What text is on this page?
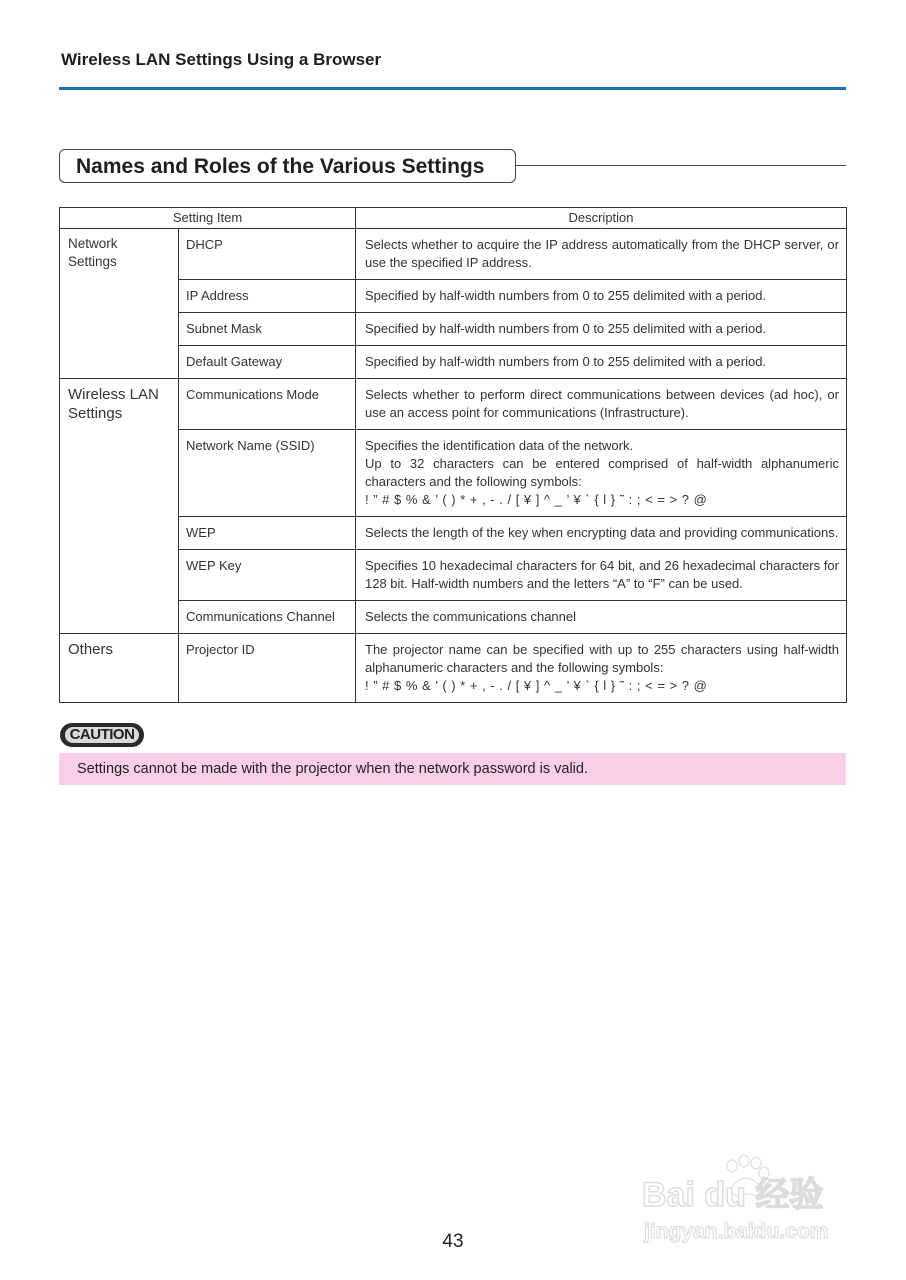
Wireless LAN Settings Using a Browser
Names and Roles of the Various Settings
Setting Item		Description
Network Settings	DHCP	Selects whether to acquire the IP address automatically from the DHCP server, or use the specified IP address.
	IP Address	Specified by half-width numbers from 0 to 255 delimited with a period.
	Subnet Mask	Specified by half-width numbers from 0 to 255 delimited with a period.
	Default Gateway	Specified by half-width numbers from 0 to 255 delimited with a period.
Wireless LAN Settings	Communications Mode	Selects whether to perform direct communications between devices (ad hoc), or use an access point for communications (Infrastructure).
	Network Name (SSID)	Specifies the identification data of the network.
Up to 32 characters can be entered comprised of half-width alphanumeric characters and the following symbols:
! ” # $ % & ’ ( ) * + , - . / [ ¥ ] ^ _ ’ ¥ ` { l } ˜ : ; < = > ? @

	WEP	Selects the length of the key when encrypting data and providing communications.
	WEP Key	Specifies 10 hexadecimal characters for 64 bit, and 26 hexadecimal characters for 128 bit. Half-width numbers and the letters “A” to “F” can be used.
	Communications Channel	Selects the communications channel
Others	Projector ID	The projector name can be specified with up to 255 characters using half-width alphanumeric characters and the following symbols:
! ” # $ % & ’ ( ) * + , - . / [ ¥ ] ^ _ ’ ¥ ` { l } ˜ : ; < = > ? @
CAUTION
Settings cannot be made with the projector when the network password is valid.
43
Bai du 经验
jingyan.baidu.com
